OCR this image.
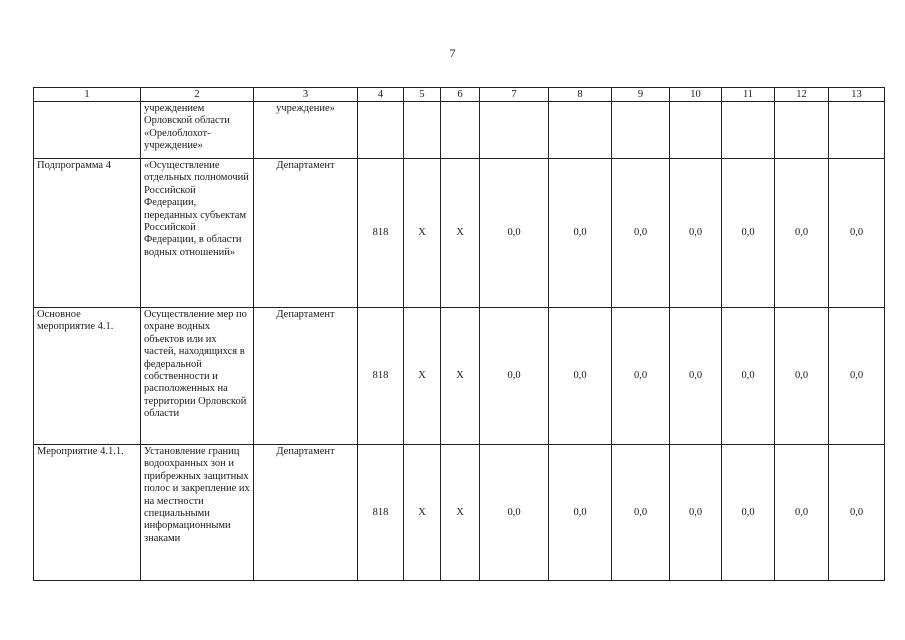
7
1	2	3	4	5	6	7	8	9	10	11	12	13
	учреждением Орловской области «Орелоблохот-учреждение»	учреждение»										
Подпрограмма 4	«Осуществление отдельных полномочий Российской Федерации, переданных субъектам Российской Федерации, в области водных отношений»	Департамент	818	X	X	0,0	0,0	0,0	0,0	0,0	0,0	0,0
Основное мероприятие 4.1.	Осуществление мер по охране водных объектов или их частей, находящихся в федеральной собственности и расположенных на территории Орловской области	Департамент	818	X	X	0,0	0,0	0,0	0,0	0,0	0,0	0,0
Мероприятие 4.1.1.	Установление границ водоохранных зон и прибрежных защитных полос и закрепление их на местности специальными информационными знаками	Департамент	818	X	X	0,0	0,0	0,0	0,0	0,0	0,0	0,0
